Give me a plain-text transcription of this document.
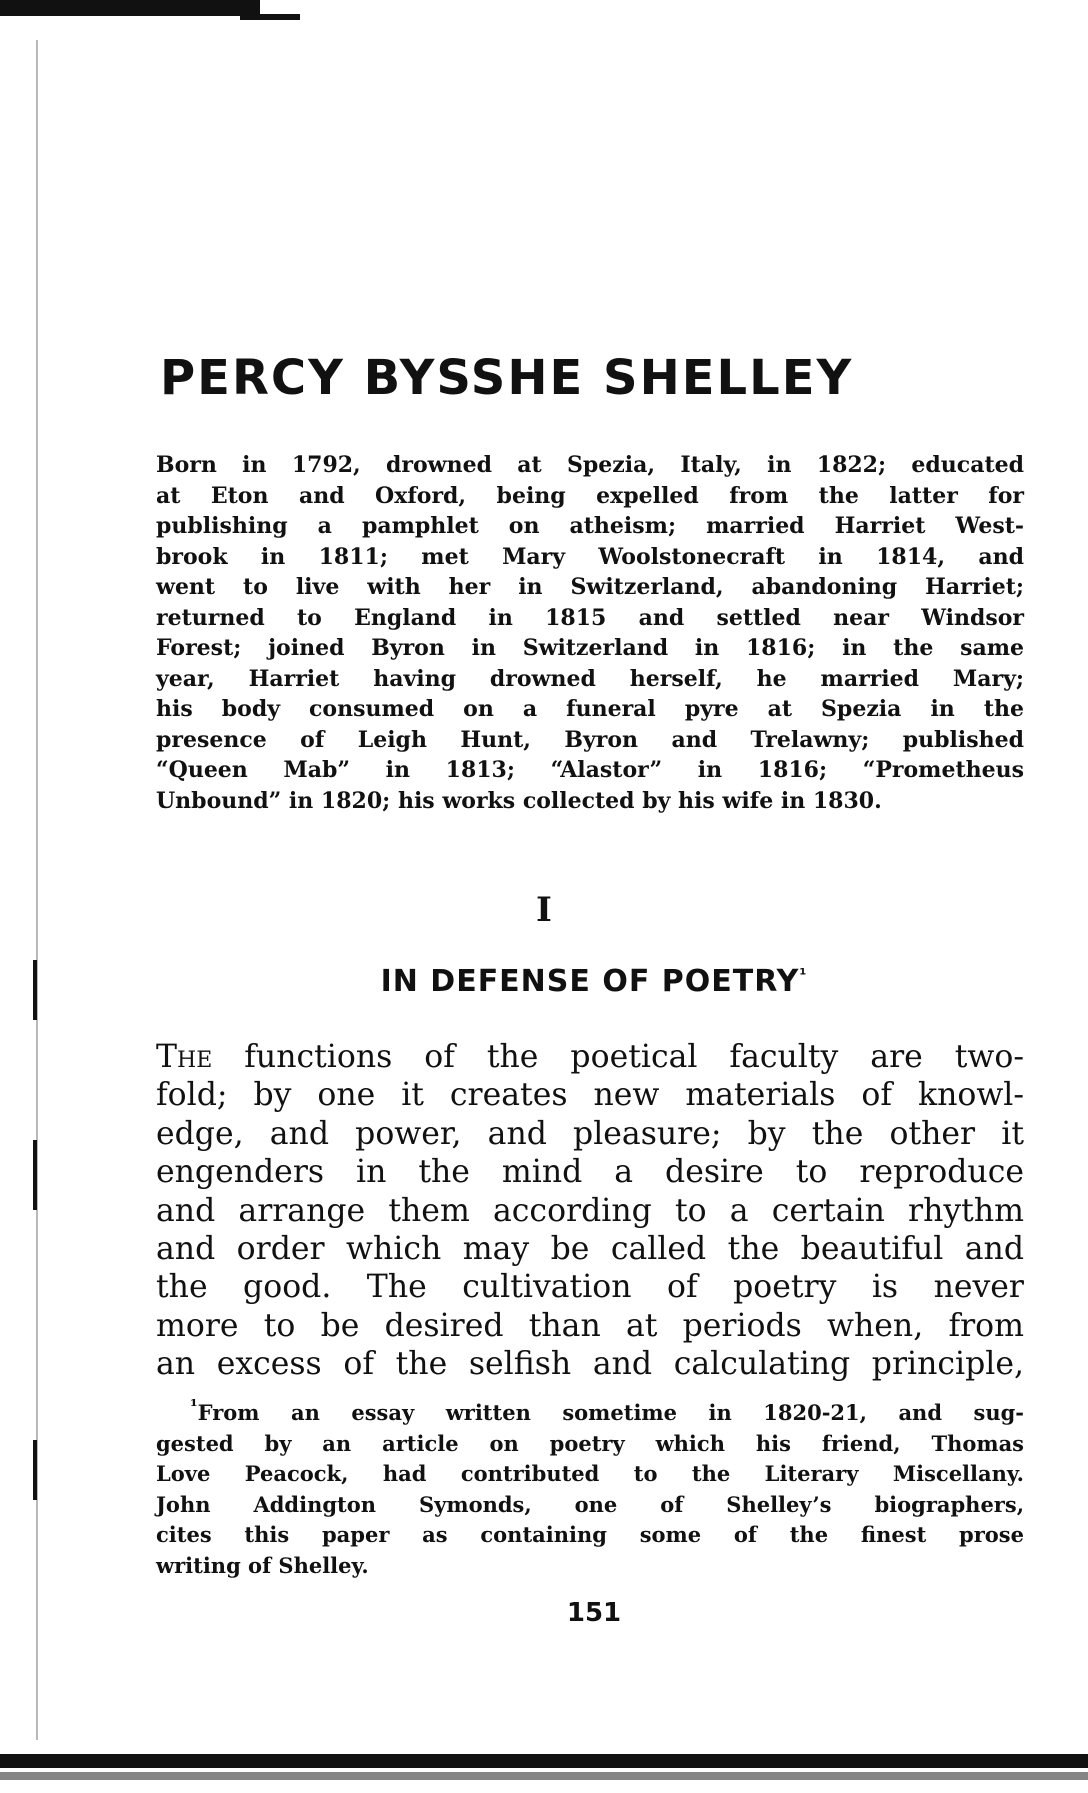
PERCY BYSSHE SHELLEY
Born in 1792, drowned at Spezia, Italy, in 1822; educated
at Eton and Oxford, being expelled from the latter for
publishing a pamphlet on atheism; married Harriet West-
brook in 1811; met Mary Woolstonecraft in 1814, and
went to live with her in Switzerland, abandoning Harriet;
returned to England in 1815 and settled near Windsor
Forest; joined Byron in Switzerland in 1816; in the same
year, Harriet having drowned herself, he married Mary;
his body consumed on a funeral pyre at Spezia in the
presence of Leigh Hunt, Byron and Trelawny; published
“Queen Mab” in 1813; “Alastor” in 1816; “Prometheus
Unbound” in 1820; his works collected by his wife in 1830.
I
IN DEFENSE OF $POETRY^{^1}$
The functions of the poetical faculty are two-
fold; by one it creates new materials of knowl-
edge, and power, and pleasure; by the other it
engenders in the mind a desire to reproduce
and arrange them according to a certain rhythm
and order which may be called the beautiful and
the good. The cultivation of poetry is never
more to be desired than at periods when, from
an excess of the selfish and calculating principle,
$^{^1}$From an essay written sometime in 1820-21, and sug-
gested by an article on poetry which his friend, Thomas
Love Peacock, had contributed to the Literary Miscellany.
John Addington Symonds, one of Shelley’s biographers,
cites this paper as containing some of the finest prose
writing of Shelley.
151
